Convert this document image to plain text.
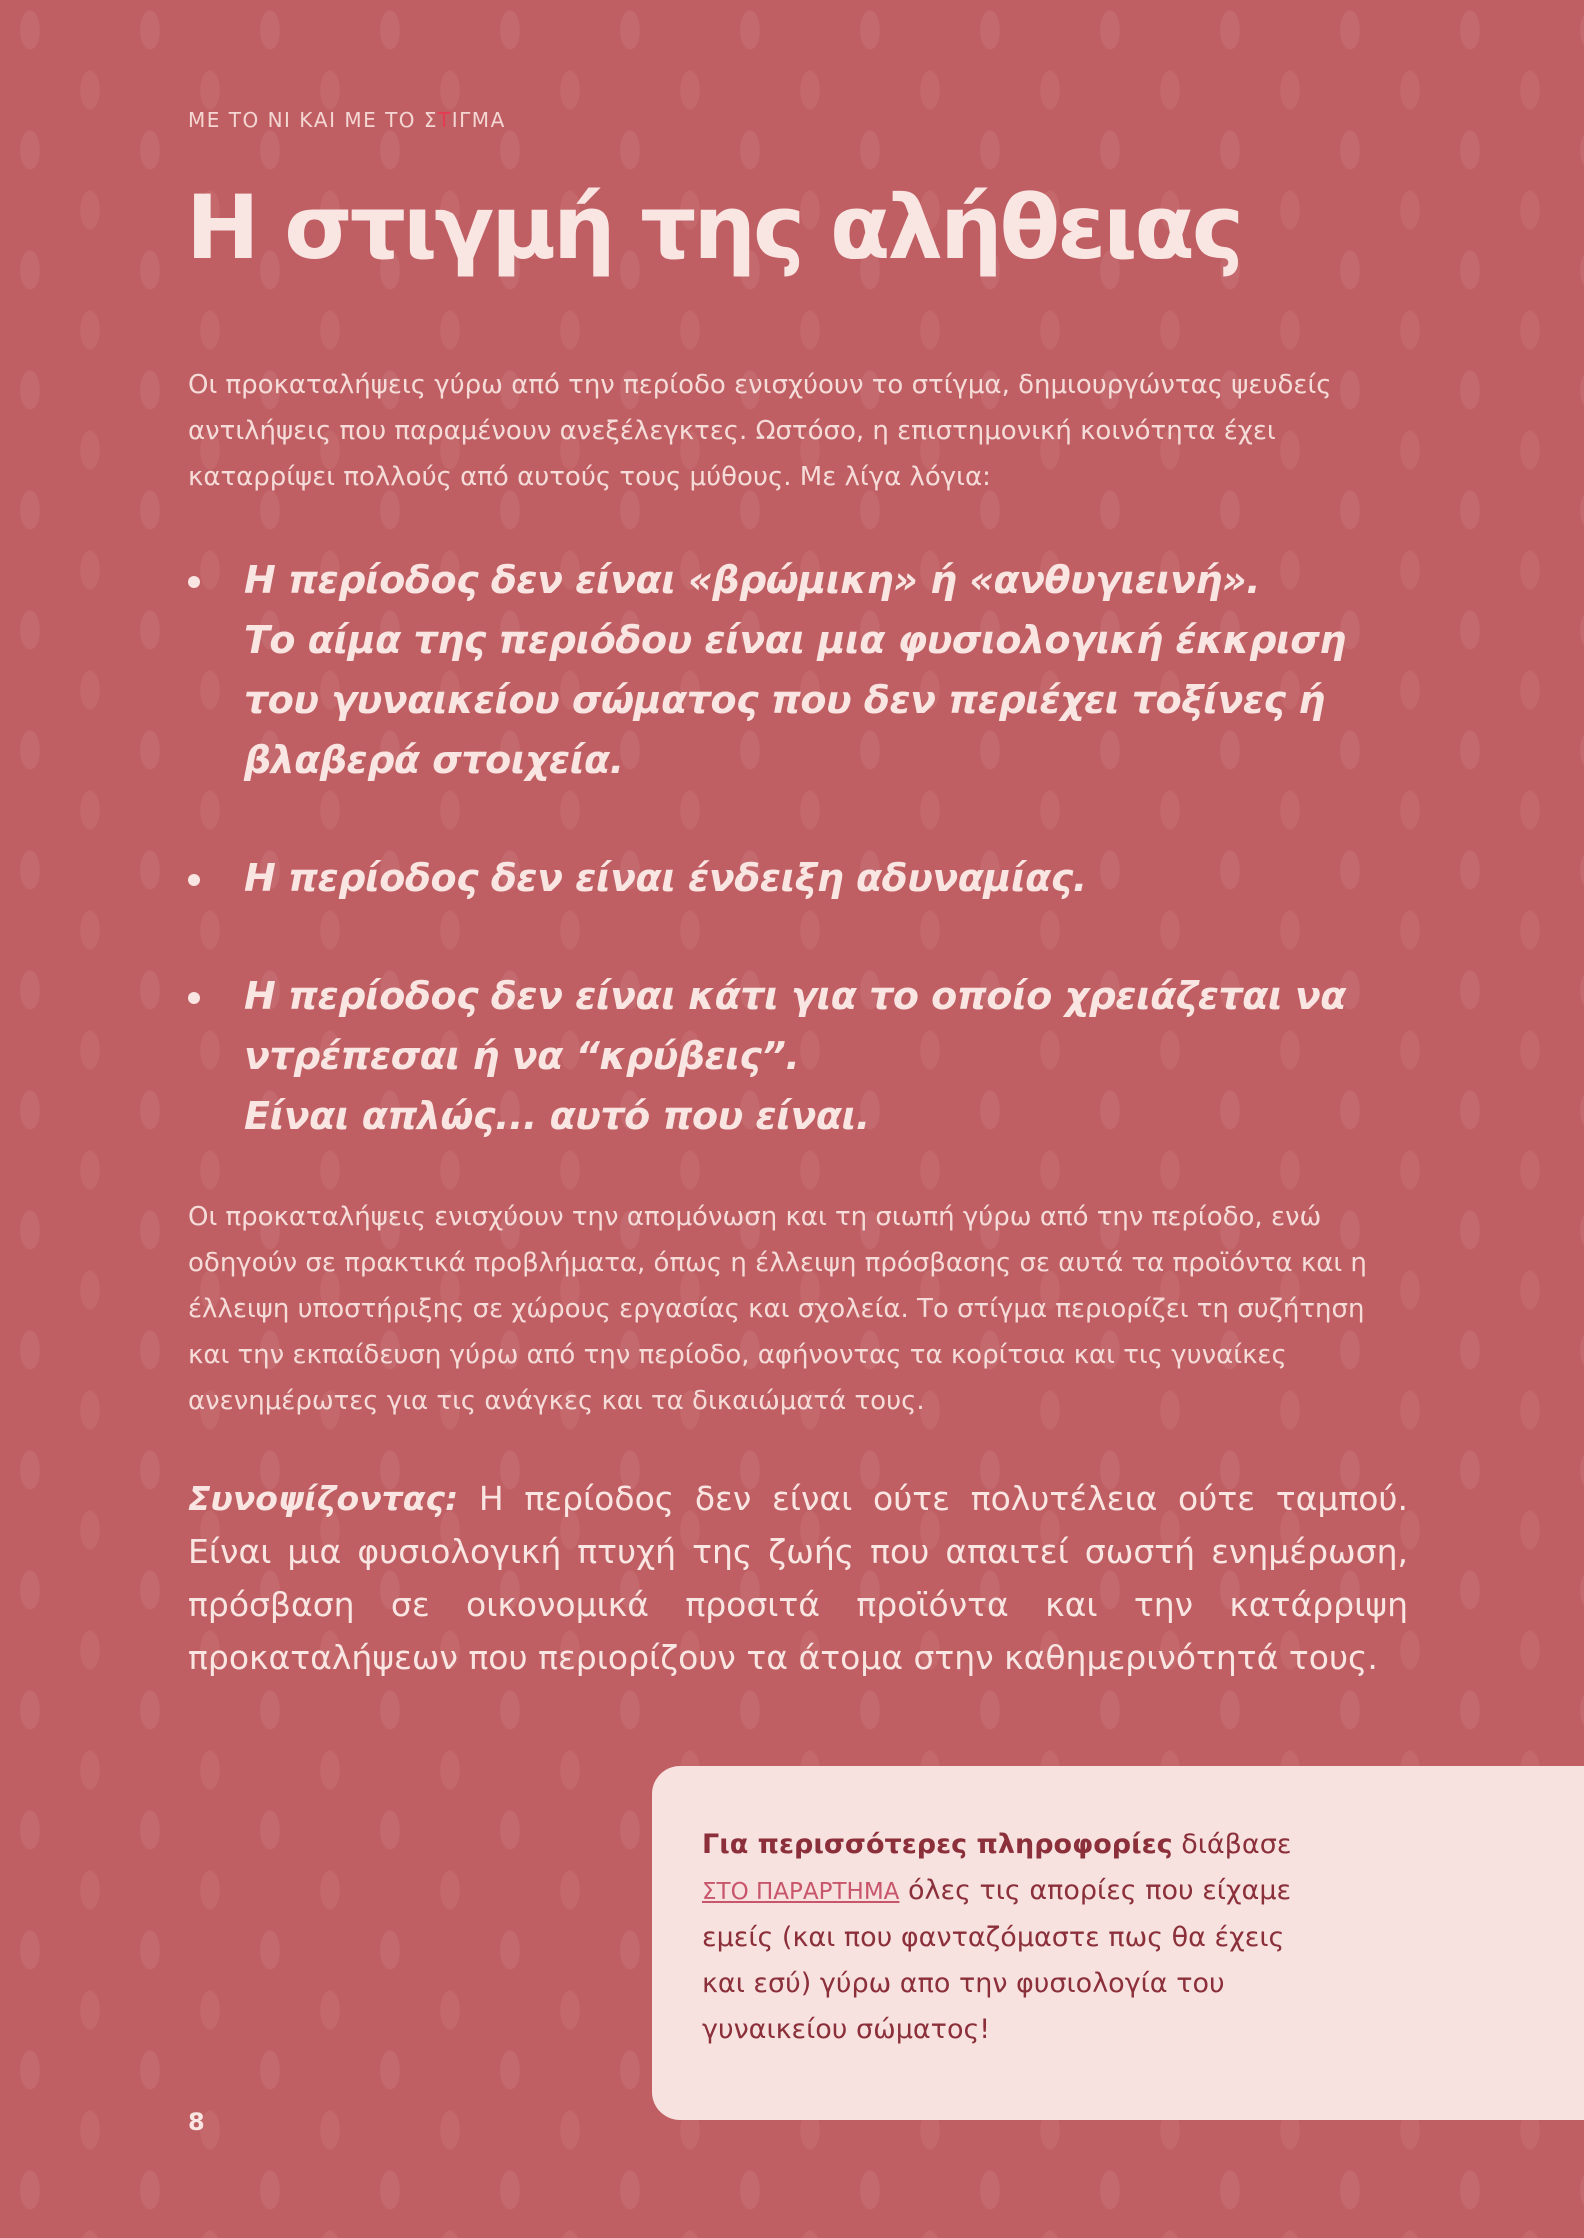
ΜΕ ΤΟ ΝΙ ΚΑΙ ΜΕ ΤΟ ΣΤΙΓΜΑ
Η στιγμή της αλήθειας

Οι προκαταλήψεις γύρω από την περίοδο ενισχύουν το στίγμα, δημιουργώντας ψευδείς αντιλήψεις που παραμένουν ανεξέλεγκτες. Ωστόσο, η επιστημονική κοινότητα έχει καταρρίψει πολλούς από αυτούς τους μύθους. Με λίγα λόγια:

Η περίοδος δεν είναι «βρώμικη» ή «ανθυγιεινή».
Το αίμα της περιόδου είναι μια φυσιολογική έκκριση του γυναικείου σώματος που δεν περιέχει τοξίνες ή βλαβερά στοιχεία.
Η περίοδος δεν είναι ένδειξη αδυναμίας.
Η περίοδος δεν είναι κάτι για το οποίο χρειάζεται να ντρέπεσαι ή να “κρύβεις”.
Είναι απλώς... αυτό που είναι.

Οι προκαταλήψεις ενισχύουν την απομόνωση και τη σιωπή γύρω από την περίοδο, ενώ οδηγούν σε πρακτικά προβλήματα, όπως η έλλειψη πρόσβασης σε αυτά τα προϊόντα και η έλλειψη υποστήριξης σε χώρους εργασίας και σχολεία. Το στίγμα περιορίζει τη συζήτηση και την εκπαίδευση γύρω από την περίοδο, αφήνοντας τα κορίτσια και τις γυναίκες ανενημέρωτες για τις ανάγκες και τα δικαιώματά τους.

Συνοψίζοντας: Η περίοδος δεν είναι ούτε πολυτέλεια ούτε ταμπού. Είναι μια φυσιολογική πτυχή της ζωής που απαιτεί σωστή ενημέρωση, πρόσβαση σε οικονομικά προσιτά προϊόντα και την κατάρριψη προκαταλήψεων που περιορίζουν τα άτομα στην καθημερινότητά τους.

Για περισσότερες πληροφορίες διάβασε ΣΤΟ ΠΑΡΑΡΤΗΜΑ όλες τις απορίες που είχαμε εμείς (και που φανταζόμαστε πως θα έχεις και εσύ) γύρω απο την φυσιολογία του γυναικείου σώματος!

8
